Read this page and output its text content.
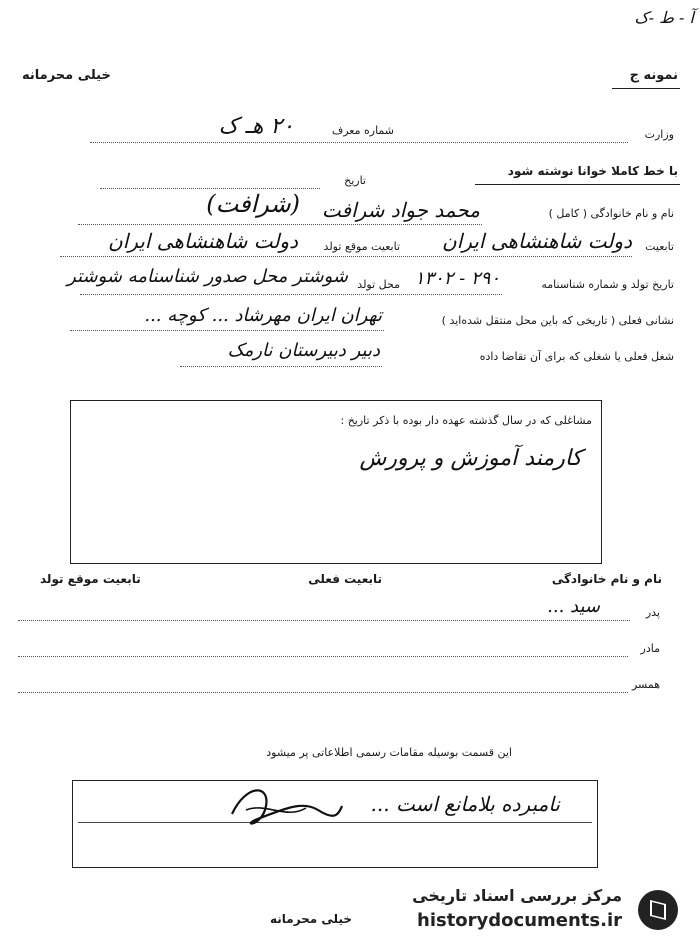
آ - ط -ک
خیلی محرمانه	نمونه ج
وزارت
شماره معرف
۲۰ هـ ک
تاریخ
با خط کاملا خوانا نوشته شود
(شرافت)	نام و نام خانوادگی ( کامل )
محمد جواد شرافت
تابعیت
دولت شاهنشاهی ایران
تابعیت موقع تولد
دولت شاهنشاهی ایران
تاریخ تولد و شماره شناسنامه
۲۹۰ - ۱۳۰۲
محل تولد
شوشتر محل صدور شناسنامه شوشتر
نشانی فعلی ( تاریخی که باین محل منتقل شده‌اید )
تهران ایران مهرشاد ... کوچه ...
شغل فعلی یا شغلی که برای آن تقاضا داده
دبیر دبیرستان نارمک
مشاغلی که در سال گذشته عهده دار بوده با ذکر تاریخ :
کارمند آموزش و پرورش
نام و نام خانوادگی
تابعیت فعلی
تابعیت موقع تولد
پدر
سید ...
مادر
همسر
این قسمت بوسیله مقامات رسمی اطلاعاتی پر میشود
نامبرده بلامانع است ...
خیلی محرمانه
مرکز بررسی اسناد تاریخی
historydocuments.ir
